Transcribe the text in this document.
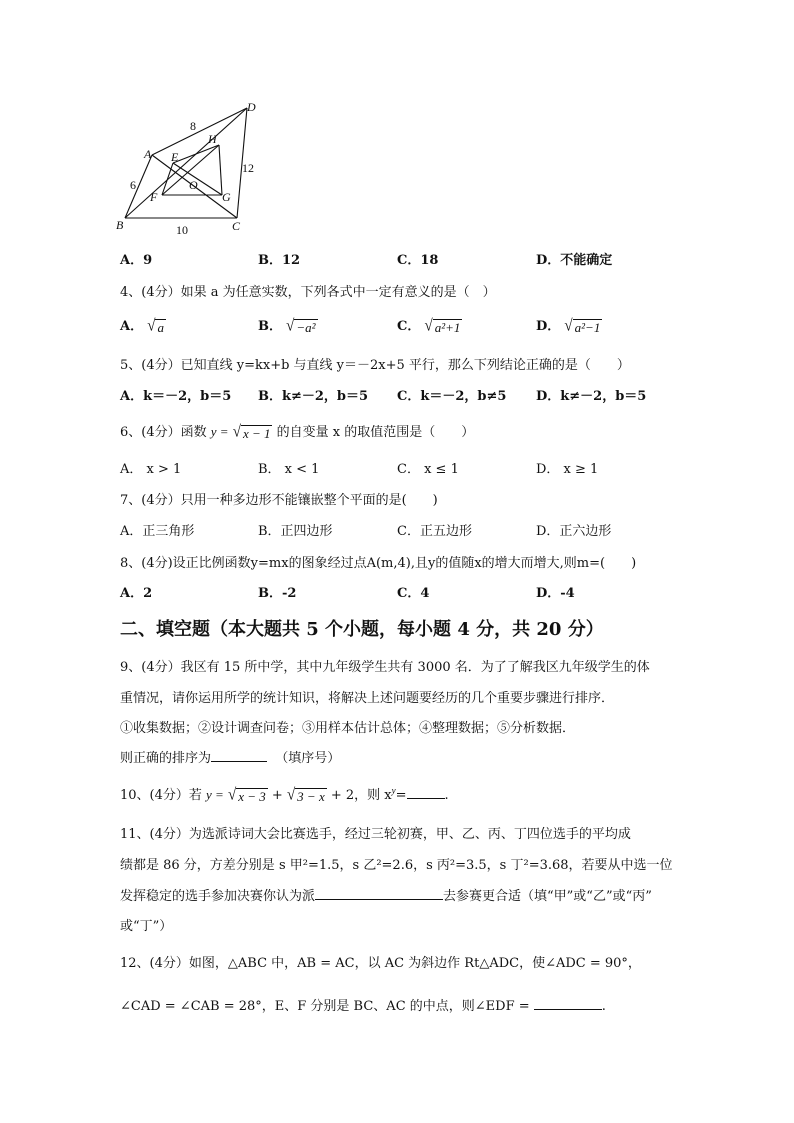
A
B	C
D
E
F	G
H
O
8
6
10
12
A．9	B．12	C．18	D．不能确定
4、(4分）如果 a 为任意实数，下列各式中一定有意义的是（　）
A． √ a	B． √ −a²	C． √ a²+1	D． √ a²−1
5、(4分）已知直线 y=kx+b 与直线 y＝－2x+5 平行，那么下列结论正确的是（　　）
A．k＝－2，b＝5 B．k≠－2，b＝5 C．k＝－2，b≠5 D．k≠－2，b＝5
6、(4分）函数 y = √ x − 1 的自变量 x 的取值范围是（　　）
A． x > 1	B． x < 1	C． x ≤ 1	D． x ≥ 1
7、(4分）只用一种多边形不能镶嵌整个平面的是(　　)
A．正三角形	B．正四边形	C．正五边形	D．正六边形
8、(4分)设正比例函数y=mx的图象经过点A(m,4),且y的值随x的增大而增大,则m=(　　)
A．2	B．-2	C．4	D．-4
二、填空题（本大题共 5 个小题，每小题 4 分，共 20 分）
9、(4分）我区有 15 所中学，其中九年级学生共有 3000 名．为了了解我区九年级学生的体
重情况，请你运用所学的统计知识，将解决上述问题要经历的几个重要步骤进行排序．
①收集数据；②设计调查问卷；③用样本估计总体；④整理数据；⑤分析数据．
则正确的排序为	（填序号）
10、(4分）若 y = √ x − 3 + √ 3 − x + 2，则 $x^y=$	.
11、(4分）为选派诗词大会比赛选手，经过三轮初赛，甲、乙、丙、丁四位选手的平均成
绩都是 86 分，方差分别是 s 甲²=1.5，s 乙²=2.6，s 丙²=3.5，s 丁²=3.68，若要从中选一位
发挥稳定的选手参加决赛你认为派	去参赛更合适（填“甲”或“乙”或“丙”
或“丁”）
12、(4分）如图，△ABC 中，AB = AC，以 AC 为斜边作 Rt△ADC，使∠ADC = 90°，
∠CAD = ∠CAB = 28°，E、F 分别是 BC、AC 的中点，则∠EDF =	.
